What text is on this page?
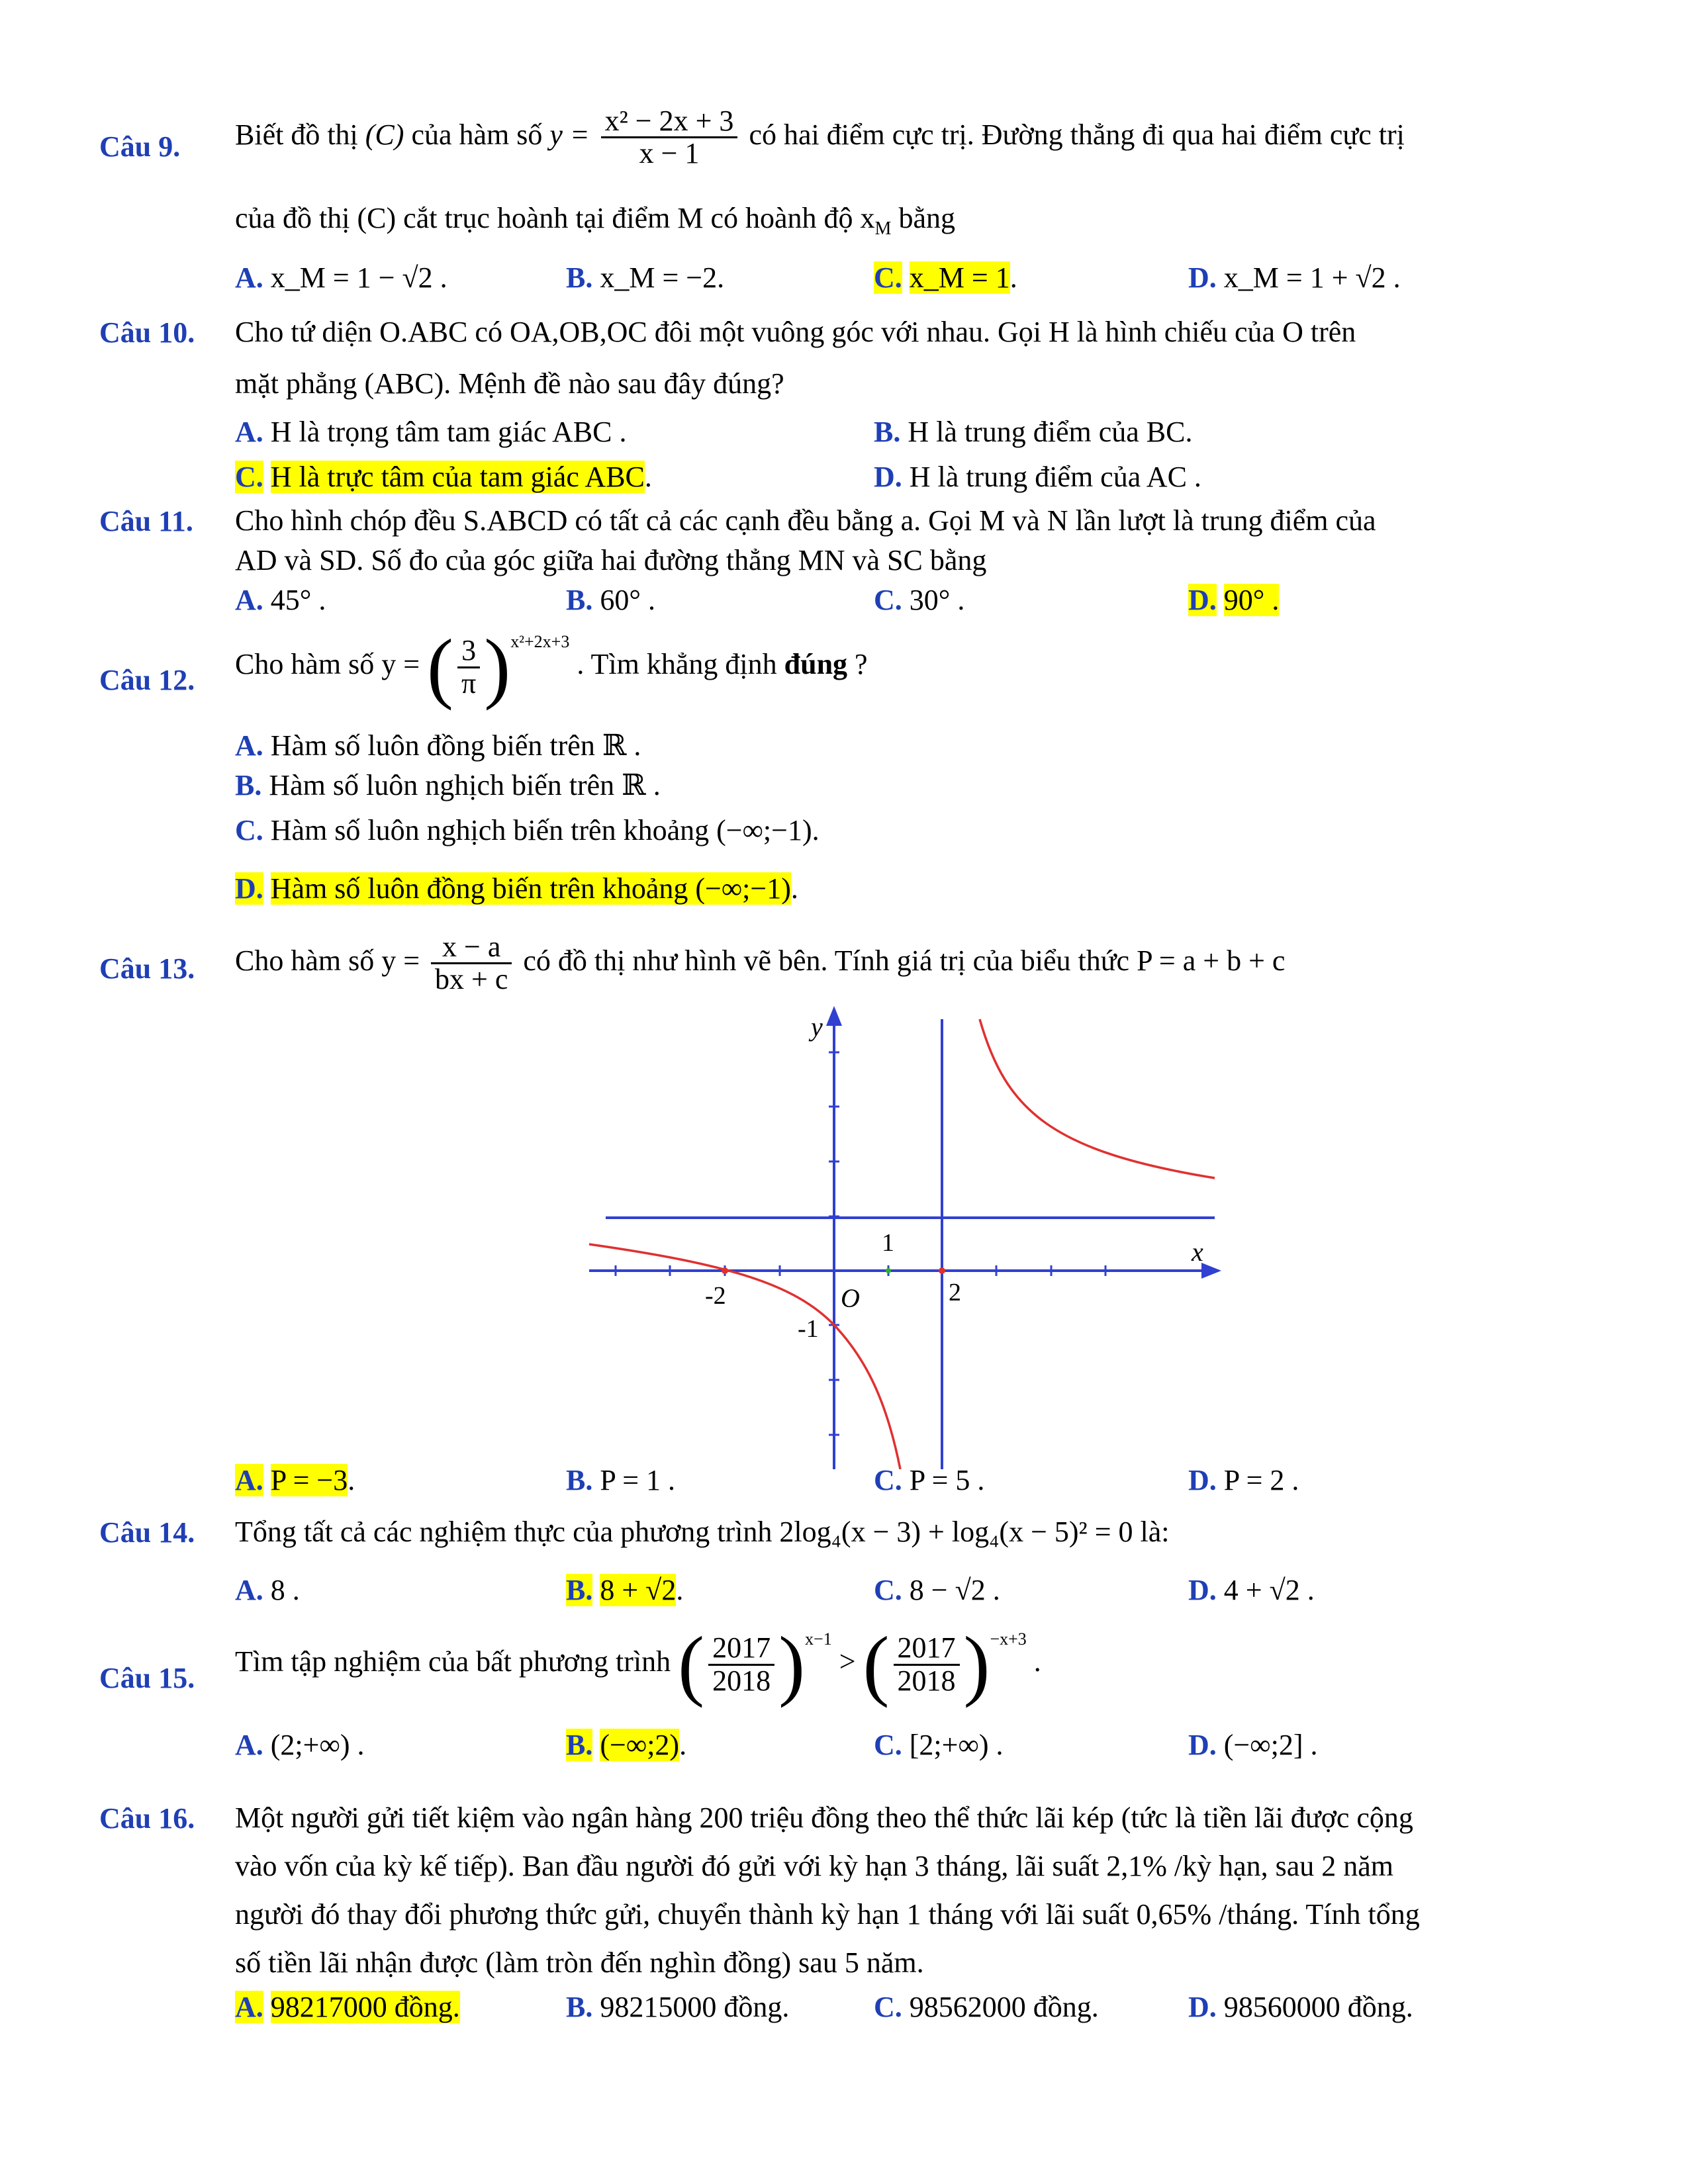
Câu 9. Biết đồ thị (C) của hàm số $y = \frac{\text{x² − 2x + 3}}{x - 1}$ có hai điểm cực trị. Đường thẳng đi qua hai điểm cực trị
của đồ thị (C) cắt trục hoành tại điểm M có hoành độ $x_M$ bằng
A. x_M = 1 − √2 .	B. x_M = −2.	C. x_M = 1.	D. x_M = 1 + √2 .
Câu 10. Cho tứ diện O.ABC có OA,OB,OC đôi một vuông góc với nhau. Gọi H là hình chiếu của O trên
mặt phẳng (ABC). Mệnh đề nào sau đây đúng?
A. H là trọng tâm tam giác ABC .	B. H là trung điểm của BC.
C. H là trực tâm của tam giác ABC.	D. H là trung điểm của AC .
Câu 11. Cho hình chóp đều S.ABCD có tất cả các cạnh đều bằng a. Gọi M và N lần lượt là trung điểm của
AD và SD. Số đo của góc giữa hai đường thẳng MN và SC bằng
A. 45° .	B. 60° .	C. 30° .	D. 90° .
Câu 12. Cho hàm số y = ( $\frac{3}{\pi} )^{x^2+2x+3}$ . Tìm khẳng định đúng ?
A. Hàm số luôn đồng biến trên ℝ .
B. Hàm số luôn nghịch biến trên ℝ .
C. Hàm số luôn nghịch biến trên khoảng (−∞;−1).
D. Hàm số luôn đồng biến trên khoảng (−∞;−1).
Câu 13. Cho hàm số $y = \frac{x - a}{bx + c}$ có đồ thị như hình vẽ bên. Tính giá trị của biểu thức P = a + b + c
y
x
O
-2	2
1
-1
A. P = −3.	B. P = 1 .	C. P = 5 .	D. P = 2 .
Câu 14. Tổng tất cả các nghiệm thực của phương trình 2log₄(x − 3) + log₄(x − 5)² = 0 là:
A. 8 .	B. 8 + √2.	C. 8 − √2 .	D. 4 + √2 .
Câu 15.
Tìm tập nghiệm của bất phương trình ( $\frac{2017}{2018} )^{x-1}$ > ( $\frac{2017}{2018} )^{-x+3}$ .
A. (2;+∞) .	B. (−∞;2).	C. [2;+∞) .	D. (−∞;2] .
Câu 16. Một người gửi tiết kiệm vào ngân hàng 200 triệu đồng theo thể thức lãi kép (tức là tiền lãi được cộng
vào vốn của kỳ kế tiếp). Ban đầu người đó gửi với kỳ hạn 3 tháng, lãi suất 2,1% /kỳ hạn, sau 2 năm
người đó thay đổi phương thức gửi, chuyển thành kỳ hạn 1 tháng với lãi suất 0,65% /tháng. Tính tổng
số tiền lãi nhận được (làm tròn đến nghìn đồng) sau 5 năm.
A. 98217000 đồng.	B. 98215000 đồng.	C. 98562000 đồng.	D. 98560000 đồng.
